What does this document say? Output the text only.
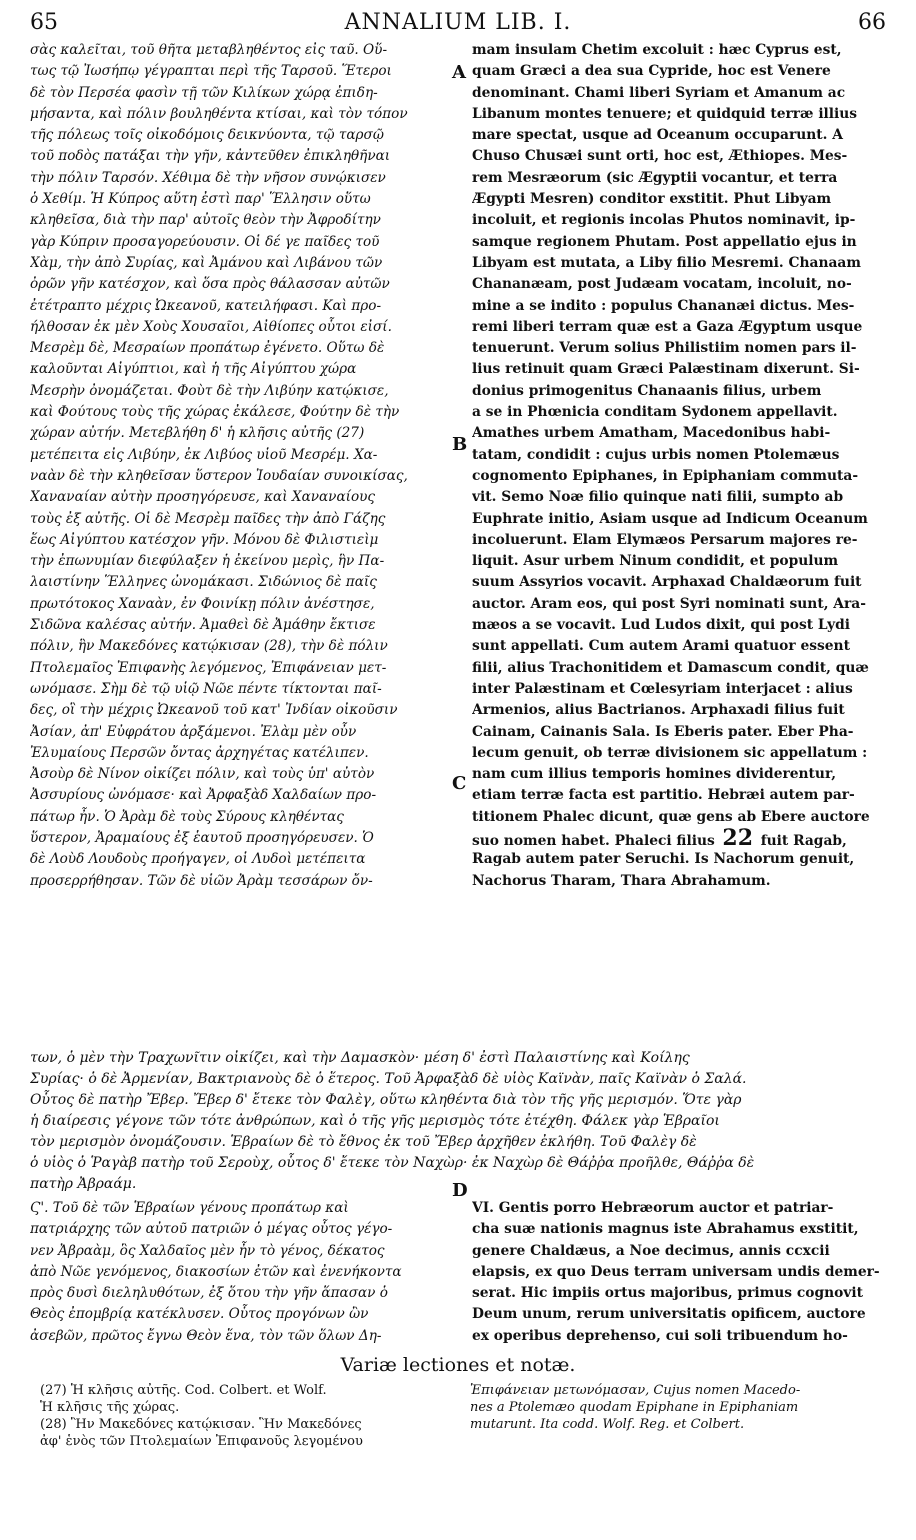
65	ANNALIUM LIB. I.	66
σὰς καλεῖται, τοῦ θῆτα μεταβληθέντος εἰς ταῦ. Οὕ-
τως τῷ Ἰωσήπῳ γέγραπται περὶ τῆς Ταρσοῦ. Ἕτεροι
δὲ τὸν Περσέα φασὶν τῇ τῶν Κιλίκων χώρᾳ ἐπιδη-
μήσαντα, καὶ πόλιν βουληθέντα κτίσαι, καὶ τὸν τόπον
τῆς πόλεως τοῖς οἰκοδόμοις δεικνύοντα, τῷ ταρσῷ
τοῦ ποδὸς πατάξαι τὴν γῆν, κἀντεῦθεν ἐπικληθῆναι
τὴν πόλιν Ταρσόν. Χέθιμα δὲ τὴν νῆσον συνῴκισεν
ὁ Χεθίμ. Ἡ Κύπρος αὕτη ἐστὶ παρ' Ἕλλησιν οὕτω
κληθεῖσα, διὰ τὴν παρ' αὐτοῖς θεὸν τὴν Ἀφροδίτην
γὰρ Κύπριν προσαγορεύουσιν. Οἱ δέ γε παῖδες τοῦ
Χὰμ, τὴν ἀπὸ Συρίας, καὶ Ἀμάνου καὶ Λιβάνου τῶν
ὀρῶν γῆν κατέσχον, καὶ ὅσα πρὸς θάλασσαν αὐτῶν
ἐτέτραπτο μέχρις Ὠκεανοῦ, κατειλήφασι. Καὶ προ-
ήλθοσαν ἐκ μὲν Χοὺς Χουσαῖοι, Αἰθίοπες οὗτοι εἰσί.
Μεσρὲμ δὲ, Μεσραίων προπάτωρ ἐγένετο. Οὕτω δὲ
καλοῦνται Αἰγύπτιοι, καὶ ἡ τῆς Αἰγύπτου χώρα
Μεσρὴν ὀνομάζεται. Φοὺτ δὲ τὴν Λιβύην κατῴκισε,
καὶ Φούτους τοὺς τῆς χώρας ἐκάλεσε, Φούτην δὲ τὴν
χώραν αὐτήν. Μετεβλήθη δ' ἡ κλῆσις αὐτῆς (27)
μετέπειτα εἰς Λιβύην, ἐκ Λιβύος υἱοῦ Μεσρέμ. Χα-
ναὰν δὲ τὴν κληθεῖσαν ὕστερον Ἰουδαίαν συνοικίσας,
Χαναναίαν αὐτὴν προσηγόρευσε, καὶ Χαναναίους
τοὺς ἐξ αὐτῆς. Οἱ δὲ Μεσρὲμ παῖδες τὴν ἀπὸ Γάζης
ἕως Αἰγύπτου κατέσχον γῆν. Μόνου δὲ Φιλιστιεὶμ
τὴν ἐπωνυμίαν διεφύλαξεν ἡ ἐκείνου μερὶς, ἣν Πα-
λαιστίνην Ἕλληνες ὠνομάκασι. Σιδώνιος δὲ παῖς
πρωτότοκος Χαναὰν, ἐν Φοινίκῃ πόλιν ἀνέστησε,
Σιδῶνα καλέσας αὐτήν. Ἀμαθεὶ δὲ Ἀμάθην ἔκτισε
πόλιν, ἣν Μακεδόνες κατῴκισαν (28), τὴν δὲ πόλιν
Πτολεμαῖος Ἐπιφανὴς λεγόμενος, Ἐπιφάνειαν μετ-
ωνόμασε. Σὴμ δὲ τῷ υἱῷ Νῶε πέντε τίκτονται παῖ-
δες, οἳ τὴν μέχρις Ὠκεανοῦ τοῦ κατ' Ἰνδίαν οἰκοῦσιν
Ἀσίαν, ἀπ' Εὐφράτου ἀρξάμενοι. Ἐλὰμ μὲν οὖν
Ἐλυμαίους Περσῶν ὄντας ἀρχηγέτας κατέλιπεν.
Ἀσοὺρ δὲ Νίνον οἰκίζει πόλιν, καὶ τοὺς ὑπ' αὐτὸν
Ἀσσυρίους ὠνόμασε· καὶ Ἀρφαξὰδ Χαλδαίων προ-
πάτωρ ἦν. Ὁ Ἀρὰμ δὲ τοὺς Σύρους κληθέντας
ὕστερον, Ἀραμαίους ἐξ ἑαυτοῦ προσηγόρευσεν. Ὁ
δὲ Λοὺδ Λουδοὺς προήγαγεν, οἱ Λυδοὶ μετέπειτα
προσερρήθησαν. Τῶν δὲ υἱῶν Ἀρὰμ τεσσάρων ὄν-
mam insulam Chetim excoluit : hæc Cyprus est,
quam Græci a dea sua Cypride, hoc est Venere
denominant. Chami liberi Syriam et Amanum ac
Libanum montes tenuere; et quidquid terræ illius
mare spectat, usque ad Oceanum occuparunt. A
Chuso Chusæi sunt orti, hoc est, Æthiopes. Mes-
rem Mesræorum (sic Ægyptii vocantur, et terra
Ægypti Mesren) conditor exstitit. Phut Libyam
incoluit, et regionis incolas Phutos nominavit, ip-
samque regionem Phutam. Post appellatio ejus in
Libyam est mutata, a Liby filio Mesremi. Chanaam
Chananæam, post Judæam vocatam, incoluit, no-
mine a se indito : populus Chananæi dictus. Mes-
remi liberi terram quæ est a Gaza Ægyptum usque
tenuerunt. Verum solius Philistiim nomen pars il-
lius retinuit quam Græci Palæstinam dixerunt. Si-
donius primogenitus Chanaanis filius, urbem
a se in Phœnicia conditam Sydonem appellavit.
Amathes urbem Amatham, Macedonibus habi-
tatam, condidit : cujus urbis nomen Ptolemæus
cognomento Epiphanes, in Epiphaniam commuta-
vit. Semo Noæ filio quinque nati filii, sumpto ab
Euphrate initio, Asiam usque ad Indicum Oceanum
incoluerunt. Elam Elymæos Persarum majores re-
liquit. Asur urbem Ninum condidit, et populum
suum Assyrios vocavit. Arphaxad Chaldæorum fuit
auctor. Aram eos, qui post Syri nominati sunt, Ara-
mæos a se vocavit. Lud Ludos dixit, qui post Lydi
sunt appellati. Cum autem Arami quatuor essent
filii, alius Trachonitidem et Damascum condit, quæ
inter Palæstinam et Cœlesyriam interjacet : alius
Armenios, alius Bactrianos. Arphaxadi filius fuit
Cainam, Cainanis Sala. Is Eberis pater. Eber Pha-
lecum genuit, ob terræ divisionem sic appellatum :
nam cum illius temporis homines dividerentur,
etiam terræ facta est partitio. Hebræi autem par-
titionem Phalec dicunt, quæ gens ab Ebere auctore
suo nomen habet. Phaleci filius 22 fuit Ragab,
Ragab autem pater Seruchi. Is Nachorum genuit,
Nachorus Tharam, Thara Abrahamum.
A
B
C
D
των, ὁ μὲν τὴν Τραχωνῖτιν οἰκίζει, καὶ τὴν Δαμασκὸν· μέση δ' ἐστὶ Παλαιστίνης καὶ Κοίλης
Συρίας· ὁ δὲ Ἀρμενίαν, Βακτριανοὺς δὲ ὁ ἕτερος. Τοῦ Ἀρφαξὰδ δὲ υἱὸς Καϊνὰν, παῖς Καϊνὰν ὁ Σαλά.
Οὗτος δὲ πατὴρ Ἔβερ. Ἔβερ δ' ἔτεκε τὸν Φαλὲγ, οὕτω κληθέντα διὰ τὸν τῆς γῆς μερισμόν. Ὅτε γὰρ
ἡ διαίρεσις γέγονε τῶν τότε ἀνθρώπων, καὶ ὁ τῆς γῆς μερισμὸς τότε ἐτέχθη. Φάλεκ γὰρ Ἑβραῖοι
τὸν μερισμὸν ὀνομάζουσιν. Ἑβραίων δὲ τὸ ἔθνος ἐκ τοῦ Ἔβερ ἀρχῆθεν ἐκλήθη. Τοῦ Φαλὲγ δὲ
ὁ υἱὸς ὁ Ῥαγὰβ πατὴρ τοῦ Σεροὺχ, οὗτος δ' ἔτεκε τὸν Ναχὼρ· ἐκ Ναχὼρ δὲ Θάῤῥα προῆλθε, Θάῤῥα δὲ
πατὴρ Ἀβραάμ.
Ϛ'. Τοῦ δὲ τῶν Ἑβραίων γένους προπάτωρ καὶ
πατριάρχης τῶν αὐτοῦ πατριῶν ὁ μέγας οὗτος γέγο-
νεν Ἀβραὰμ, ὃς Χαλδαῖος μὲν ἦν τὸ γένος, δέκατος
ἀπὸ Νῶε γενόμενος, διακοσίων ἐτῶν καὶ ἐνενήκοντα
πρὸς δυσὶ διεληλυθότων, ἐξ ὅτου τὴν γῆν ἅπασαν ὁ
Θεὸς ἐπομβρίᾳ κατέκλυσεν. Οὗτος προγόνων ὢν
ἀσεβῶν, πρῶτος ἔγνω Θεὸν ἕνα, τὸν τῶν ὅλων Δη-
VI. Gentis porro Hebræorum auctor et patriar-
cha suæ nationis magnus iste Abrahamus exstitit,
genere Chaldæus, a Noe decimus, annis ccxcii
elapsis, ex quo Deus terram universam undis demer-
serat. Hic impiis ortus majoribus, primus cognovit
Deum unum, rerum universitatis opificem, auctore
ex operibus deprehenso, cui soli tribuendum ho-
Variæ lectiones et notæ.
(27) Ἡ κλῆσις αὐτῆς. Cod. Colbert. et Wolf.
Ἡ κλῆσις τῆς χώρας.
(28) Ἣν Μακεδόνες κατῴκισαν. Ἣν Μακεδόνες
ἀφ' ἑνὸς τῶν Πτολεμαίων Ἐπιφανοῦς λεγομένου
Ἐπιφάνειαν μετωνόμασαν, Cujus nomen Macedo-
nes a Ptolemæo quodam Epiphane in Epiphaniam
mutarunt. Ita codd. Wolf. Reg. et Colbert.
